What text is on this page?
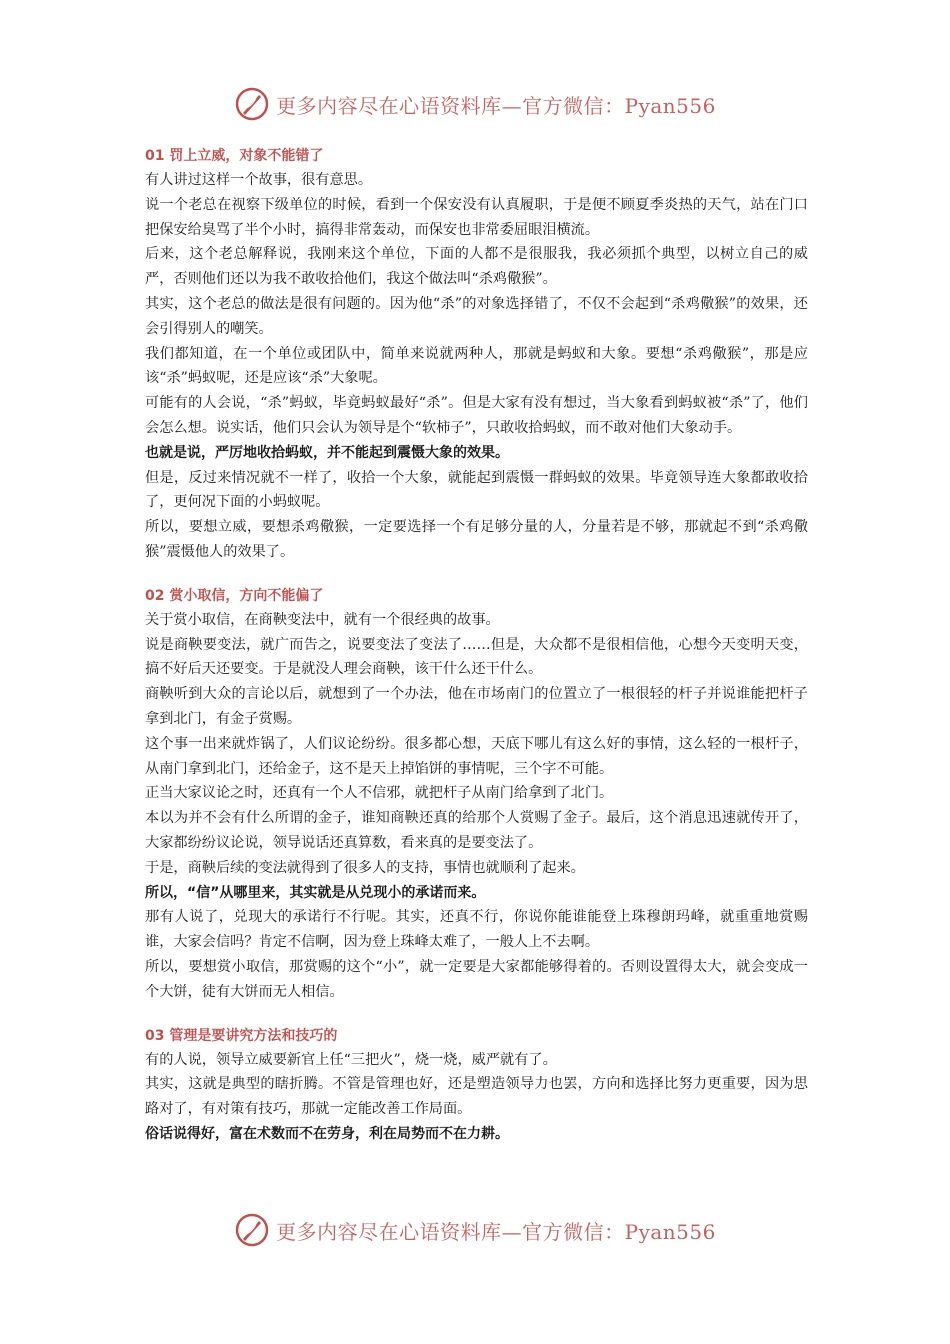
更多内容尽在心语资料库—官方微信：Pyan556
01 罚上立威，对象不能错了

有人讲过这样一个故事，很有意思。

说一个老总在视察下级单位的时候，看到一个保安没有认真履职，于是便不顾夏季炎热的天气，站在门口把保安给臭骂了半个小时，搞得非常轰动，而保安也非常委屈眼泪横流。

后来，这个老总解释说，我刚来这个单位，下面的人都不是很服我，我必须抓个典型，以树立自己的威严，否则他们还以为我不敢收拾他们，我这个做法叫“杀鸡儆猴”。

其实，这个老总的做法是很有问题的。因为他“杀”的对象选择错了，不仅不会起到“杀鸡儆猴”的效果，还会引得别人的嘲笑。

我们都知道，在一个单位或团队中，简单来说就两种人，那就是蚂蚁和大象。要想“杀鸡儆猴”，那是应该“杀”蚂蚁呢，还是应该“杀”大象呢。

可能有的人会说，“杀”蚂蚁，毕竟蚂蚁最好“杀”。但是大家有没有想过，当大象看到蚂蚁被“杀”了，他们会怎么想。说实话，他们只会认为领导是个“软柿子”，只敢收拾蚂蚁，而不敢对他们大象动手。

也就是说，严厉地收拾蚂蚁，并不能起到震慑大象的效果。

但是，反过来情况就不一样了，收拾一个大象，就能起到震慑一群蚂蚁的效果。毕竟领导连大象都敢收拾了，更何况下面的小蚂蚁呢。

所以，要想立威，要想杀鸡儆猴，一定要选择一个有足够分量的人，分量若是不够，那就起不到“杀鸡儆猴”震慑他人的效果了。

02 赏小取信，方向不能偏了

关于赏小取信，在商鞅变法中，就有一个很经典的故事。

说是商鞅要变法，就广而告之，说要变法了变法了……但是，大众都不是很相信他，心想今天变明天变，搞不好后天还要变。于是就没人理会商鞅，该干什么还干什么。

商鞅听到大众的言论以后，就想到了一个办法，他在市场南门的位置立了一根很轻的杆子并说谁能把杆子拿到北门，有金子赏赐。

这个事一出来就炸锅了，人们议论纷纷。很多都心想，天底下哪儿有这么好的事情，这么轻的一根杆子，从南门拿到北门，还给金子，这不是天上掉馅饼的事情呢，三个字不可能。

正当大家议论之时，还真有一个人不信邪，就把杆子从南门给拿到了北门。

本以为并不会有什么所谓的金子，谁知商鞅还真的给那个人赏赐了金子。最后，这个消息迅速就传开了，大家都纷纷议论说，领导说话还真算数，看来真的是要变法了。

于是，商鞅后续的变法就得到了很多人的支持，事情也就顺利了起来。

所以，“信”从哪里来，其实就是从兑现小的承诺而来。

那有人说了，兑现大的承诺行不行呢。其实，还真不行，你说你能谁能登上珠穆朗玛峰，就重重地赏赐谁，大家会信吗？肯定不信啊，因为登上珠峰太难了，一般人上不去啊。

所以，要想赏小取信，那赏赐的这个“小”，就一定要是大家都能够得着的。否则设置得太大，就会变成一个大饼，徒有大饼而无人相信。

03 管理是要讲究方法和技巧的

有的人说，领导立威要新官上任“三把火”，烧一烧，威严就有了。

其实，这就是典型的瞎折腾。不管是管理也好，还是塑造领导力也罢，方向和选择比努力更重要，因为思路对了，有对策有技巧，那就一定能改善工作局面。

俗话说得好，富在术数而不在劳身，利在局势而不在力耕。

更多内容尽在心语资料库—官方微信：Pyan556
